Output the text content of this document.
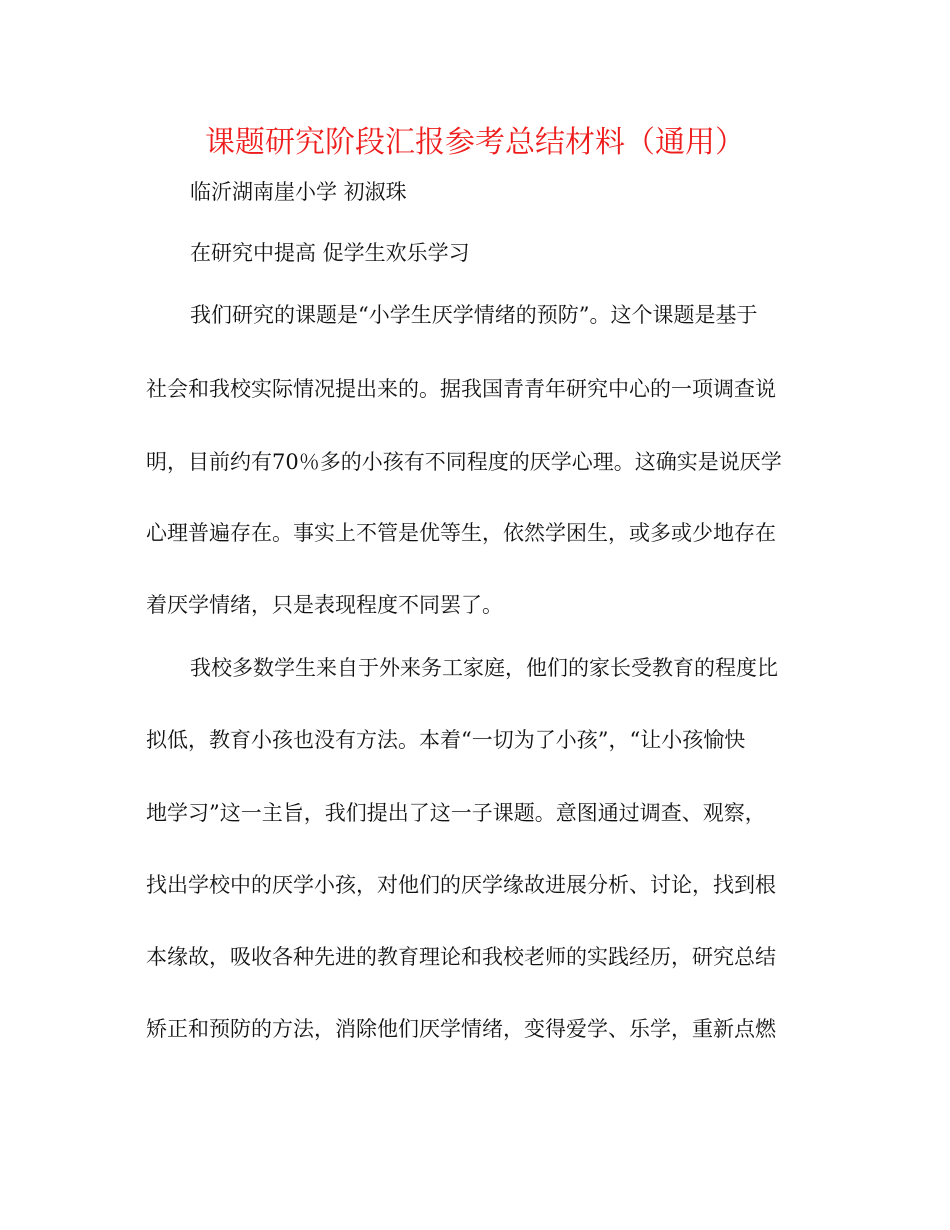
课题研究阶段汇报参考总结材料（通用）
临沂湖南崖小学 初淑珠
在研究中提高 促学生欢乐学习
我们研究的课题是“小学生厌学情绪的预防”。这个课题是基于
社会和我校实际情况提出来的。据我国青青年研究中心的一项调查说
明，目前约有70％多的小孩有不同程度的厌学心理。这确实是说厌学
心理普遍存在。事实上不管是优等生，依然学困生，或多或少地存在
着厌学情绪，只是表现程度不同罢了。
我校多数学生来自于外来务工家庭，他们的家长受教育的程度比
拟低，教育小孩也没有方法。本着“一切为了小孩”，“让小孩愉快
地学习”这一主旨，我们提出了这一子课题。意图通过调查、观察，
找出学校中的厌学小孩，对他们的厌学缘故进展分析、讨论，找到根
本缘故，吸收各种先进的教育理论和我校老师的实践经历，研究总结
矫正和预防的方法，消除他们厌学情绪，变得爱学、乐学，重新点燃
